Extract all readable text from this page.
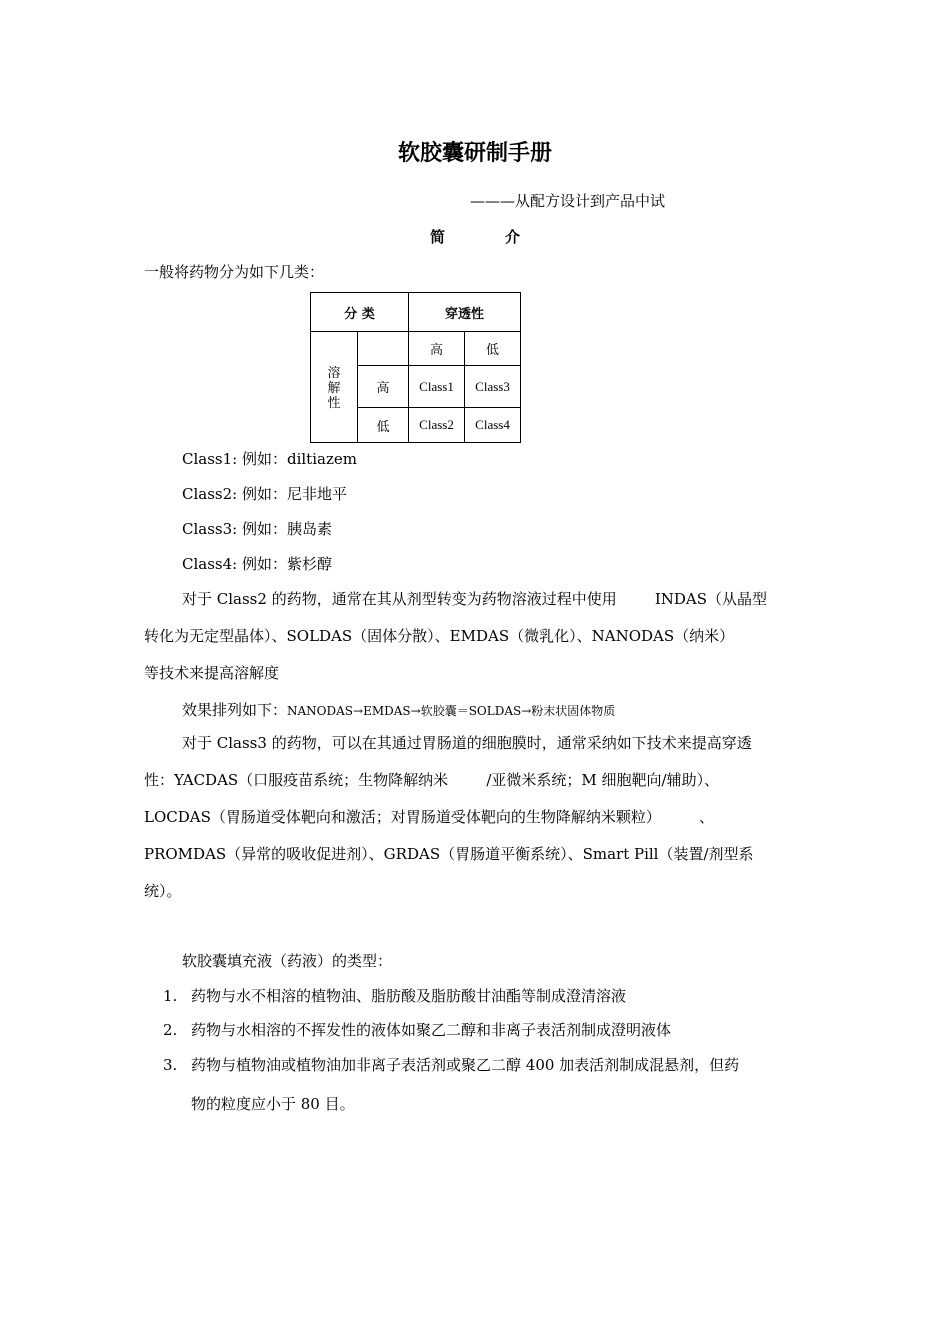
软胶囊研制手册
———从配方设计到产品中试
简	介
一般将药物分为如下几类：
分 类		穿透性	

溶
解
性		高	低
	高	Class1	Class3
	低	Class2	Class4
Class1: 例如：diltiazem
Class2: 例如：尼非地平
Class3: 例如：胰岛素
Class4: 例如：紫杉醇
对于 Class2 的药物，通常在其从剂型转变为药物溶液过程中使用        INDAS（从晶型
转化为无定型晶体）、SOLDAS（固体分散）、EMDAS（微乳化）、NANODAS（纳米）
等技术来提高溶解度
效果排列如下：NANODAS→EMDAS→软胶囊＝SOLDAS→粉末状固体物质
对于 Class3 的药物，可以在其通过胃肠道的细胞膜时，通常采纳如下技术来提高穿透
性：YACDAS（口服疫苗系统；生物降解纳米        /亚微米系统；M 细胞靶向/辅助）、
LOCDAS（胃肠道受体靶向和激活；对胃肠道受体靶向的生物降解纳米颗粒）        、
PROMDAS（异常的吸收促进剂）、GRDAS（胃肠道平衡系统）、Smart Pill（装置/剂型系
统）。
软胶囊填充液（药液）的类型：
1. 药物与水不相溶的植物油、脂肪酸及脂肪酸甘油酯等制成澄清溶液
2. 药物与水相溶的不挥发性的液体如聚乙二醇和非离子表活剂制成澄明液体
3. 药物与植物油或植物油加非离子表活剂或聚乙二醇 400 加表活剂制成混悬剂，但药
物的粒度应小于 80 目。
